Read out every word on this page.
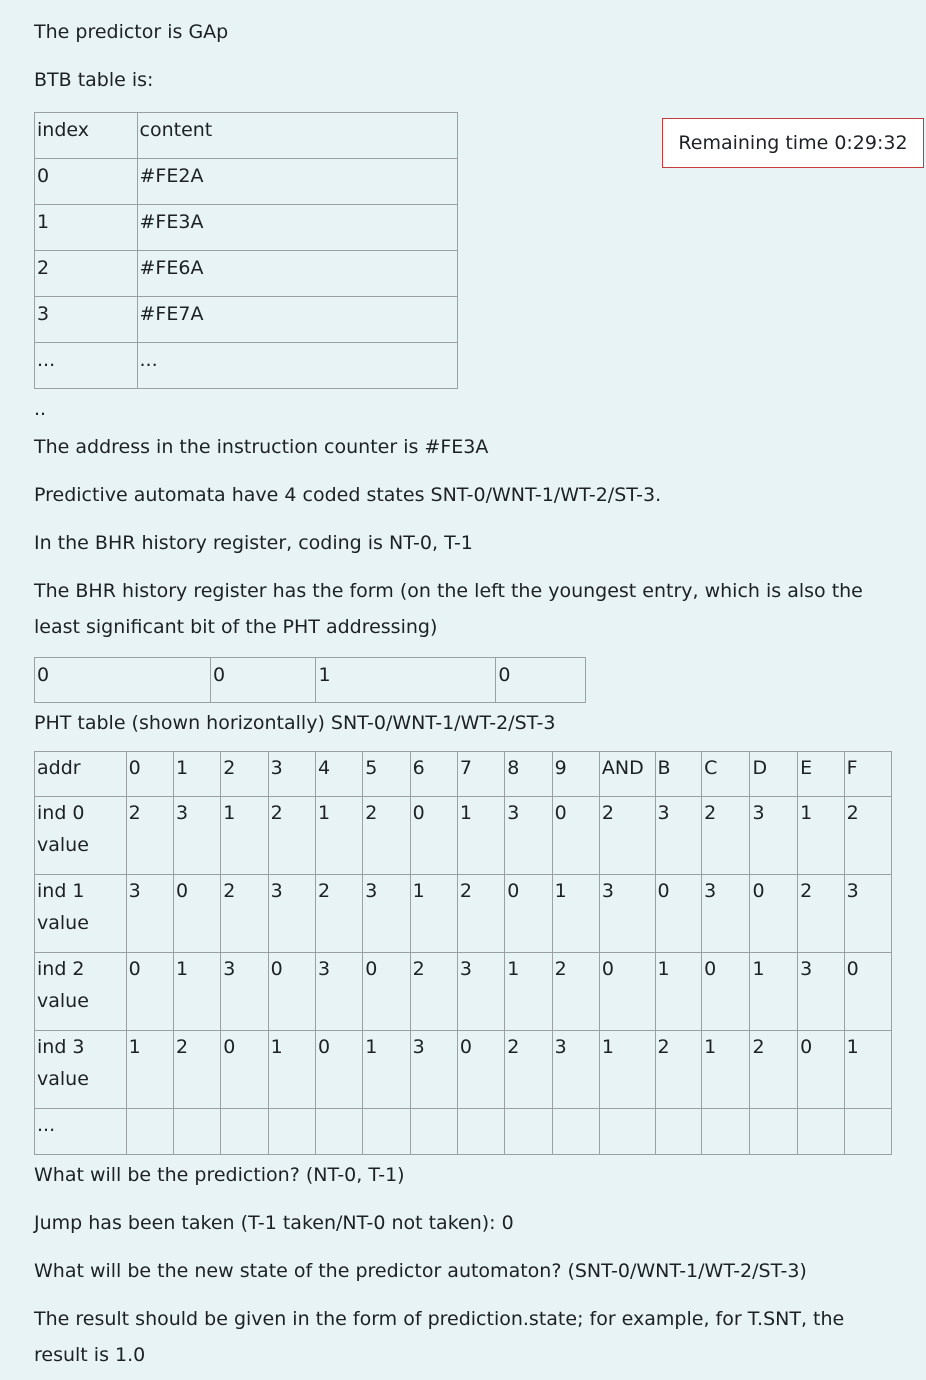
The predictor is GAp

BTB table is:

index	content
0	#FE2A
1	#FE3A
2	#FE6A
3	#FE7A
...	...

..

The address in the instruction counter is #FE3A

Predictive automata have 4 coded states SNT-0/WNT-1/WT-2/ST-3.

In the BHR history register, coding is NT-0, T-1

The BHR history register has the form (on the left the youngest entry, which is also the least significant bit of the PHT addressing)

0	0	1	0

PHT table (shown horizontally) SNT-0/WNT-1/WT-2/ST-3

addr	0	1	2	3	4	5	6	7	8	9	AND	B	C	D	E	F
ind 0 value	2	3	1	2	1	2	0	1	3	0	2	3	2	3	1	2
ind 1 value	3	0	2	3	2	3	1	2	0	1	3	0	3	0	2	3
ind 2 value	0	1	3	0	3	0	2	3	1	2	0	1	0	1	3	0
ind 3 value	1	2	0	1	0	1	3	0	2	3	1	2	1	2	0	1
...																

What will be the prediction? (NT-0, T-1)

Jump has been taken (T-1 taken/NT-0 not taken): 0

What will be the new state of the predictor automaton? (SNT-0/WNT-1/WT-2/ST-3)

The result should be given in the form of prediction.state; for example, for T.SNT, the result is 1.0

Remaining time 0:29:32
